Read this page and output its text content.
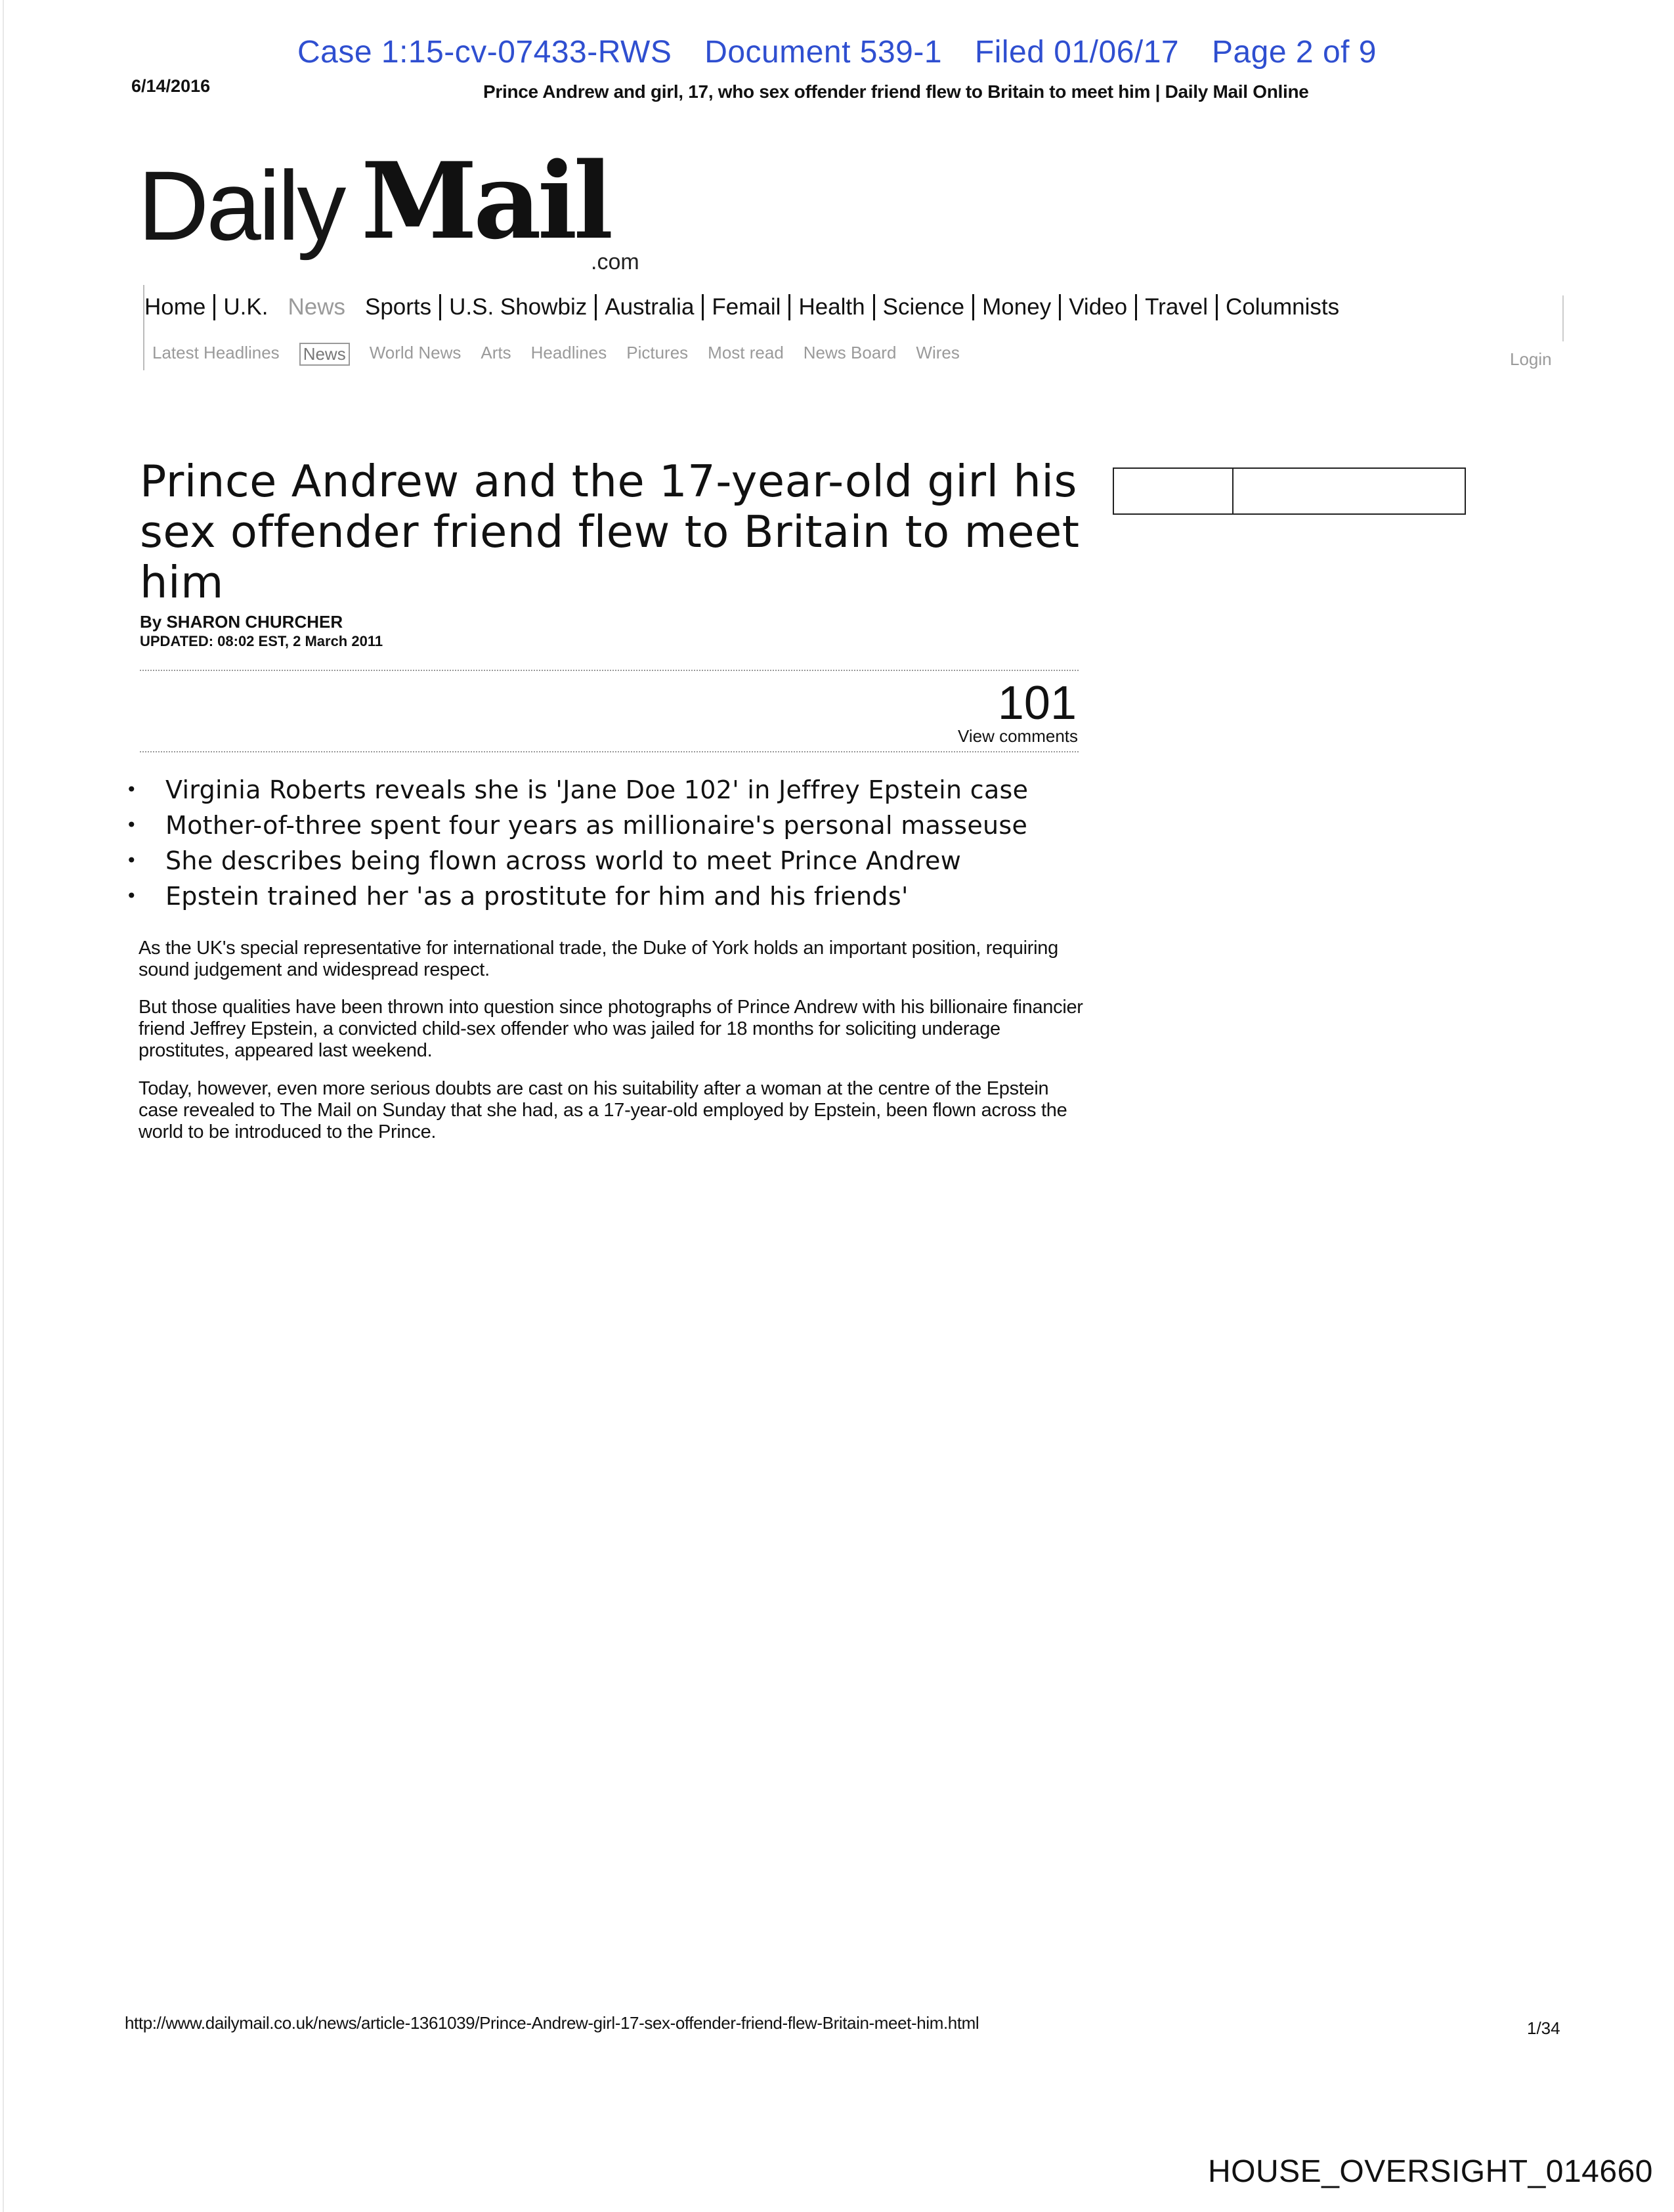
Case 1:15-cv-07433-RWS Document 539-1 Filed 01/06/17 Page 2 of 9
6/14/2016	Prince Andrew and girl, 17, who sex offender friend flew to Britain to meet him | Daily Mail Online
Daily Mail
.com
Home U.K. News Sports U.S. Showbiz Australia Femail Health Science Money Video Travel Columnists
Latest Headlines News World News Arts Headlines Pictures Most read News Board Wires	Login
Prince Andrew and the 17-year-old girl his sex offender friend flew to Britain to meet him
By SHARON CHURCHER
UPDATED: 08:02 EST, 2 March 2011
101
View comments
• Virginia Roberts reveals she is 'Jane Doe 102' in Jeffrey Epstein case
• Mother-of-three spent four years as millionaire's personal masseuse
• She describes being flown across world to meet Prince Andrew
• Epstein trained her 'as a prostitute for him and his friends'
As the UK's special representative for international trade, the Duke of York holds an important position, requiring sound judgement and widespread respect.
But those qualities have been thrown into question since photographs of Prince Andrew with his billionaire financier friend Jeffrey Epstein, a convicted child-sex offender who was jailed for 18 months for soliciting underage prostitutes, appeared last weekend.
Today, however, even more serious doubts are cast on his suitability after a woman at the centre of the Epstein case revealed to The Mail on Sunday that she had, as a 17-year-old employed by Epstein, been flown across the world to be introduced to the Prince.
http://www.dailymail.co.uk/news/article-1361039/Prince-Andrew-girl-17-sex-offender-friend-flew-Britain-meet-him.html	1/34
HOUSE_OVERSIGHT_014660
